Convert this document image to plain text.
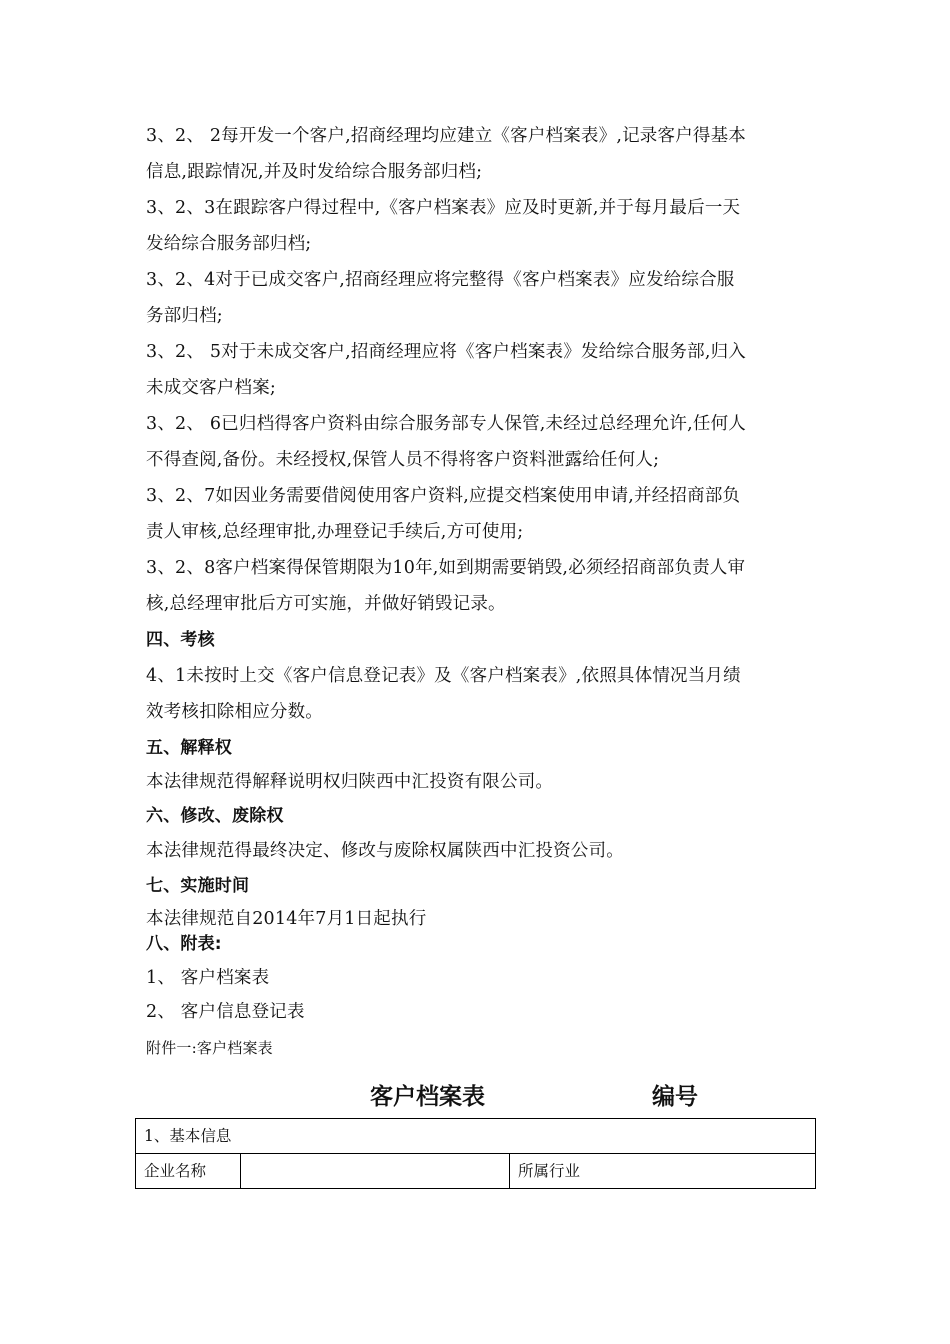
3、2、 2每开发一个客户,招商经理均应建立《客户档案表》,记录客户得基本
信息,跟踪情况,并及时发给综合服务部归档;
3、2、3在跟踪客户得过程中,《客户档案表》应及时更新,并于每月最后一天
发给综合服务部归档;
3、2、4对于已成交客户,招商经理应将完整得《客户档案表》应发给综合服
务部归档;
3、2、 5对于未成交客户,招商经理应将《客户档案表》发给综合服务部,归入
未成交客户档案;
3、2、 6已归档得客户资料由综合服务部专人保管,未经过总经理允许,任何人
不得查阅,备份。未经授权,保管人员不得将客户资料泄露给任何人;
3、2、7如因业务需要借阅使用客户资料,应提交档案使用申请,并经招商部负
责人审核,总经理审批,办理登记手续后,方可使用;
3、2、8客户档案得保管期限为10年,如到期需要销毁,必须经招商部负责人审
核,总经理审批后方可实施，并做好销毁记录。
四、考核
4、1未按时上交《客户信息登记表》及《客户档案表》,依照具体情况当月绩
效考核扣除相应分数。
五、解释权
本法律规范得解释说明权归陕西中汇投资有限公司。
六、修改、废除权
本法律规范得最终决定、修改与废除权属陕西中汇投资公司。
七、实施时间
本法律规范自2014年7月1日起执行
八、附表:
1、 客户档案表
2、 客户信息登记表
附件一:客户档案表
客户档案表	编号
1、基本信息
企业名称		所属行业
